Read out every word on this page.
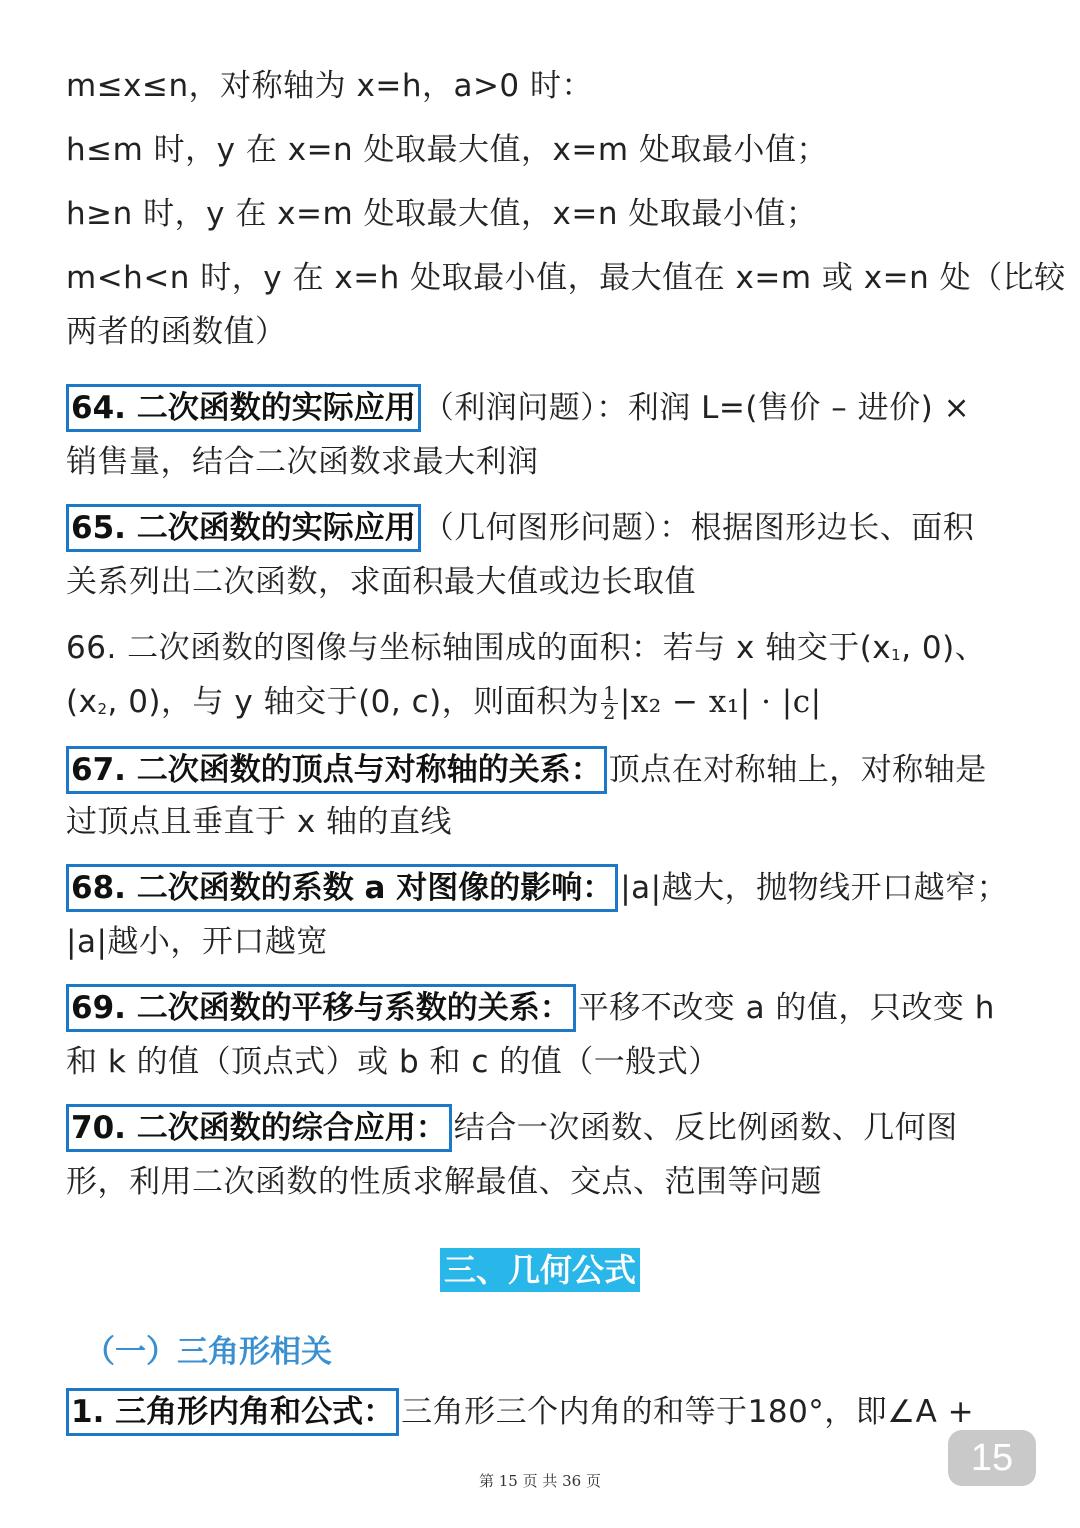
m≤x≤n，对称轴为 x=h，a>0 时：
h≤m 时，y 在 x=n 处取最大值，x=m 处取最小值；
h≥n 时，y 在 x=m 处取最大值，x=n 处取最小值；
m<h<n 时，y 在 x=h 处取最小值，最大值在 x=m 或 x=n 处（比较
两者的函数值）
64. 二次函数的实际应用 （利润问题）：利润 L=(售价 – 进价) ×
销售量，结合二次函数求最大利润
65. 二次函数的实际应用 （几何图形问题）：根据图形边长、面积
关系列出二次函数，求面积最大值或边长取值
66. 二次函数的图像与坐标轴围成的面积：若与 x 轴交于(x1, 0)、
(x2, 0)，与 y 轴交于(0, c)，则面积为 $\frac{1}{2} |x_2 - x_1| \cdot |c|$
67. 二次函数的顶点与对称轴的关系： 顶点在对称轴上，对称轴是
过顶点且垂直于 x 轴的直线
68. 二次函数的系数 a 对图像的影响： |a|越大，抛物线开口越窄；
|a|越小，开口越宽
69. 二次函数的平移与系数的关系： 平移不改变 a 的值，只改变 h
和 k 的值（顶点式）或 b 和 c 的值（一般式）
70. 二次函数的综合应用： 结合一次函数、反比例函数、几何图
形，利用二次函数的性质求解最值、交点、范围等问题
三、几何公式
（一）三角形相关
1. 三角形内角和公式： 三角形三个内角的和等于180°，即∠A +
15
第 15 页 共 36 页
